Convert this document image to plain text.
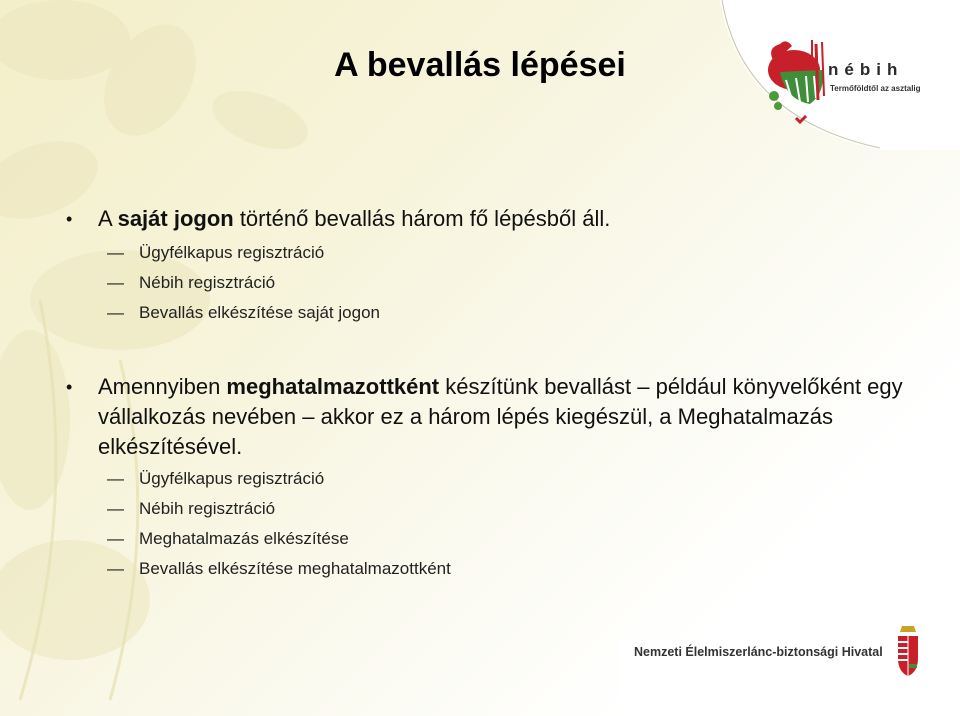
nébih
Termőföldtől az asztalig
A bevallás lépései
• A saját jogon történő bevallás három fő lépésből áll.
— Ügyfélkapus regisztráció
— Nébih regisztráció
— Bevallás elkészítése saját jogon
• Amennyiben meghatalmazottként készítünk bevallást – például könyvelőként egy vállalkozás nevében – akkor ez a három lépés kiegészül, a Meghatalmazás elkészítésével.
— Ügyfélkapus regisztráció
— Nébih regisztráció
— Meghatalmazás elkészítése
— Bevallás elkészítése meghatalmazottként
Nemzeti Élelmiszerlánc-biztonsági Hivatal
